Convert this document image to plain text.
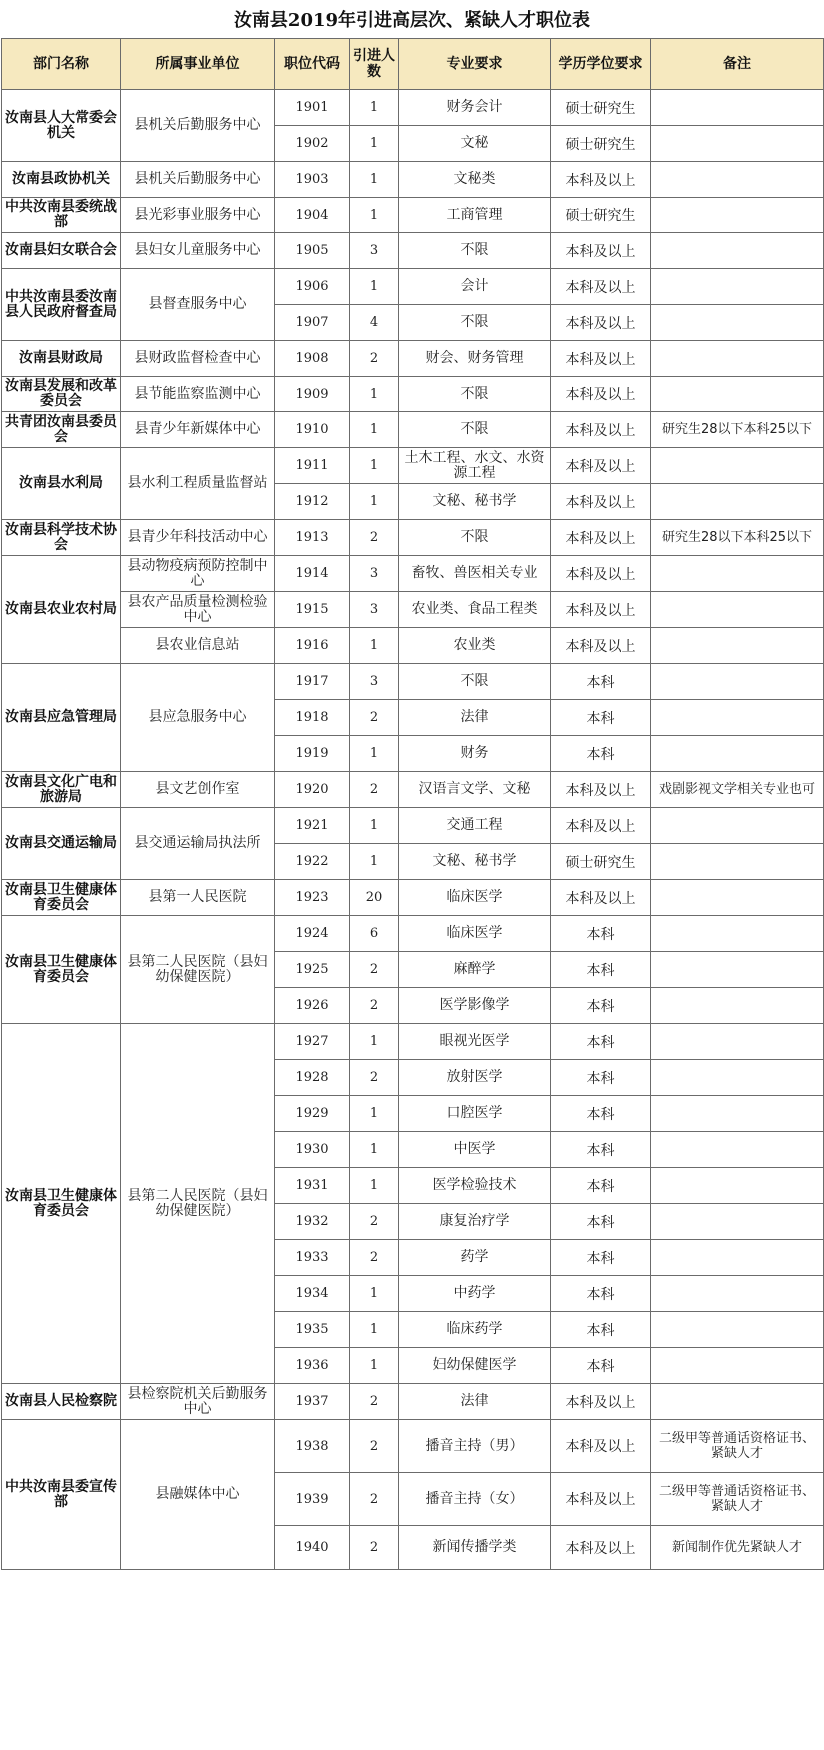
汝南县2019年引进高层次、紧缺人才职位表
部门名称	所属事业单位	职位代码	引进人数	专业要求	学历学位要求	备注
汝南县人大常委会机关	县机关后勤服务中心	1901	1	财务会计	硕士研究生	
		1902	1	文秘	硕士研究生	
汝南县政协机关	县机关后勤服务中心	1903	1	文秘类	本科及以上	
中共汝南县委统战部	县光彩事业服务中心	1904	1	工商管理	硕士研究生	
汝南县妇女联合会	县妇女儿童服务中心	1905	3	不限	本科及以上	
中共汝南县委汝南县人民政府督查局	县督查服务中心	1906	1	会计	本科及以上	
		1907	4	不限	本科及以上	
汝南县财政局	县财政监督检查中心	1908	2	财会、财务管理	本科及以上	
汝南县发展和改革委员会	县节能监察监测中心	1909	1	不限	本科及以上	
共青团汝南县委员会	县青少年新媒体中心	1910	1	不限	本科及以上	研究生28以下本科25以下
汝南县水利局	县水利工程质量监督站	1911	1	土木工程、水文、水资源工程	本科及以上	
		1912	1	文秘、秘书学	本科及以上	
汝南县科学技术协会	县青少年科技活动中心	1913	2	不限	本科及以上	研究生28以下本科25以下
汝南县农业农村局	县动物疫病预防控制中心	1914	3	畜牧、兽医相关专业	本科及以上	
	县农产品质量检测检验中心	1915	3	农业类、食品工程类	本科及以上	
	县农业信息站	1916	1	农业类	本科及以上	
汝南县应急管理局	县应急服务中心	1917	3	不限	本科	
		1918	2	法律	本科	
		1919	1	财务	本科	
汝南县文化广电和旅游局	县文艺创作室	1920	2	汉语言文学、文秘	本科及以上	戏剧影视文学相关专业也可
汝南县交通运输局	县交通运输局执法所	1921	1	交通工程	本科及以上	
		1922	1	文秘、秘书学	硕士研究生	
汝南县卫生健康体育委员会	县第一人民医院	1923	20	临床医学	本科及以上	
汝南县卫生健康体育委员会	县第二人民医院（县妇幼保健医院）	1924	6	临床医学	本科	
		1925	2	麻醉学	本科	
		1926	2	医学影像学	本科	
汝南县卫生健康体育委员会	县第二人民医院（县妇幼保健医院）	1927	1	眼视光医学	本科	
		1928	2	放射医学	本科	
		1929	1	口腔医学	本科	
		1930	1	中医学	本科	
		1931	1	医学检验技术	本科	
		1932	2	康复治疗学	本科	
		1933	2	药学	本科	
		1934	1	中药学	本科	
		1935	1	临床药学	本科	
		1936	1	妇幼保健医学	本科	
汝南县人民检察院	县检察院机关后勤服务中心	1937	2	法律	本科及以上	
中共汝南县委宣传部	县融媒体中心	1938	2	播音主持（男）	本科及以上	二级甲等普通话资格证书、紧缺人才
		1939	2	播音主持（女）	本科及以上	二级甲等普通话资格证书、紧缺人才
		1940	2	新闻传播学类	本科及以上	新闻制作优先紧缺人才
